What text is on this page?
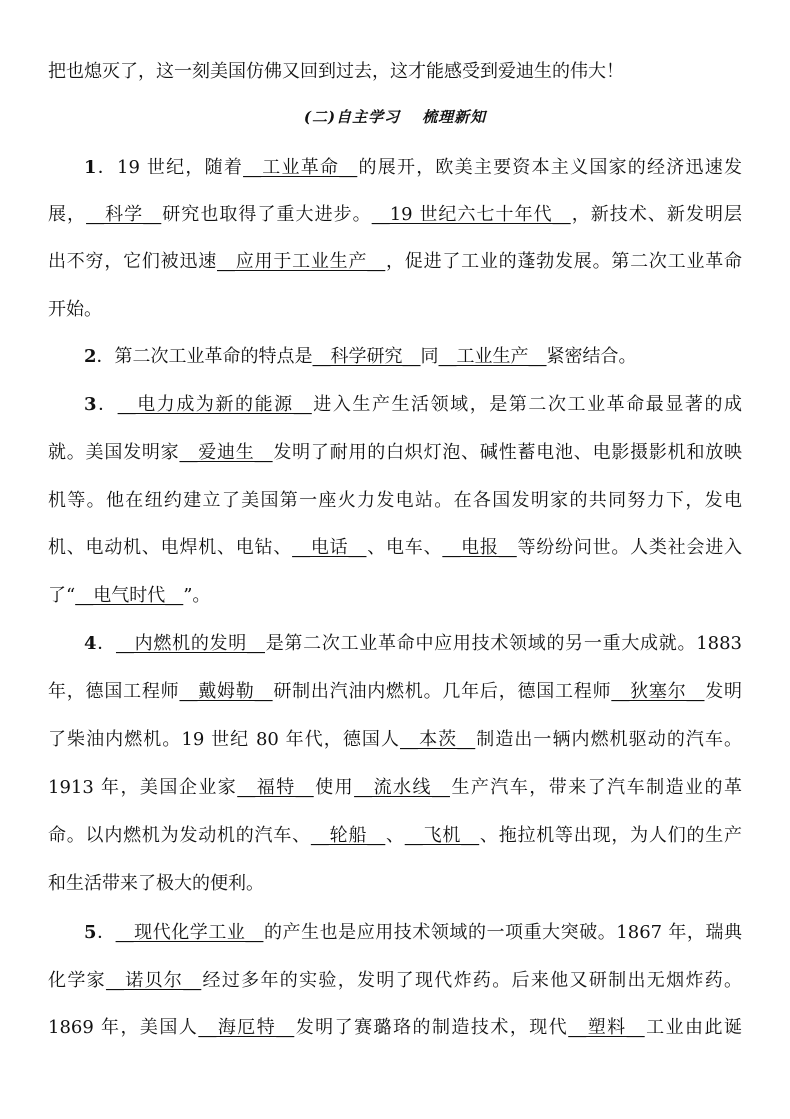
把也熄灭了，这一刻美国仿佛又回到过去，这才能感受到爱迪生的伟大！
(二)自主学习 梳理新知
1．19 世纪，随着__工业革命__的展开，欧美主要资本主义国家的经济迅速发
展，__科学__研究也取得了重大进步。__19 世纪六七十年代__，新技术、新发明层
出不穷，它们被迅速__应用于工业生产__，促进了工业的蓬勃发展。第二次工业革命
开始。
2．第二次工业革命的特点是__科学研究__同__工业生产__紧密结合。
3．__电力成为新的能源__进入生产生活领域，是第二次工业革命最显著的成
就。美国发明家__爱迪生__发明了耐用的白炽灯泡、碱性蓄电池、电影摄影机和放映
机等。他在纽约建立了美国第一座火力发电站。在各国发明家的共同努力下，发电
机、电动机、电焊机、电钻、__电话__、电车、__电报__等纷纷问世。人类社会进入
了“__电气时代__”。
4．__内燃机的发明__是第二次工业革命中应用技术领域的另一重大成就。1883
年，德国工程师__戴姆勒__研制出汽油内燃机。几年后，德国工程师__狄塞尔__发明
了柴油内燃机。19 世纪 80 年代，德国人__本茨__制造出一辆内燃机驱动的汽车。
1913 年，美国企业家__福特__使用__流水线__生产汽车，带来了汽车制造业的革
命。以内燃机为发动机的汽车、__轮船__、__飞机__、拖拉机等出现，为人们的生产
和生活带来了极大的便利。
5．__现代化学工业__的产生也是应用技术领域的一项重大突破。1867 年，瑞典
化学家__诺贝尔__经过多年的实验，发明了现代炸药。后来他又研制出无烟炸药。
1869 年，美国人__海厄特__发明了赛璐珞的制造技术，现代__塑料__工业由此诞
